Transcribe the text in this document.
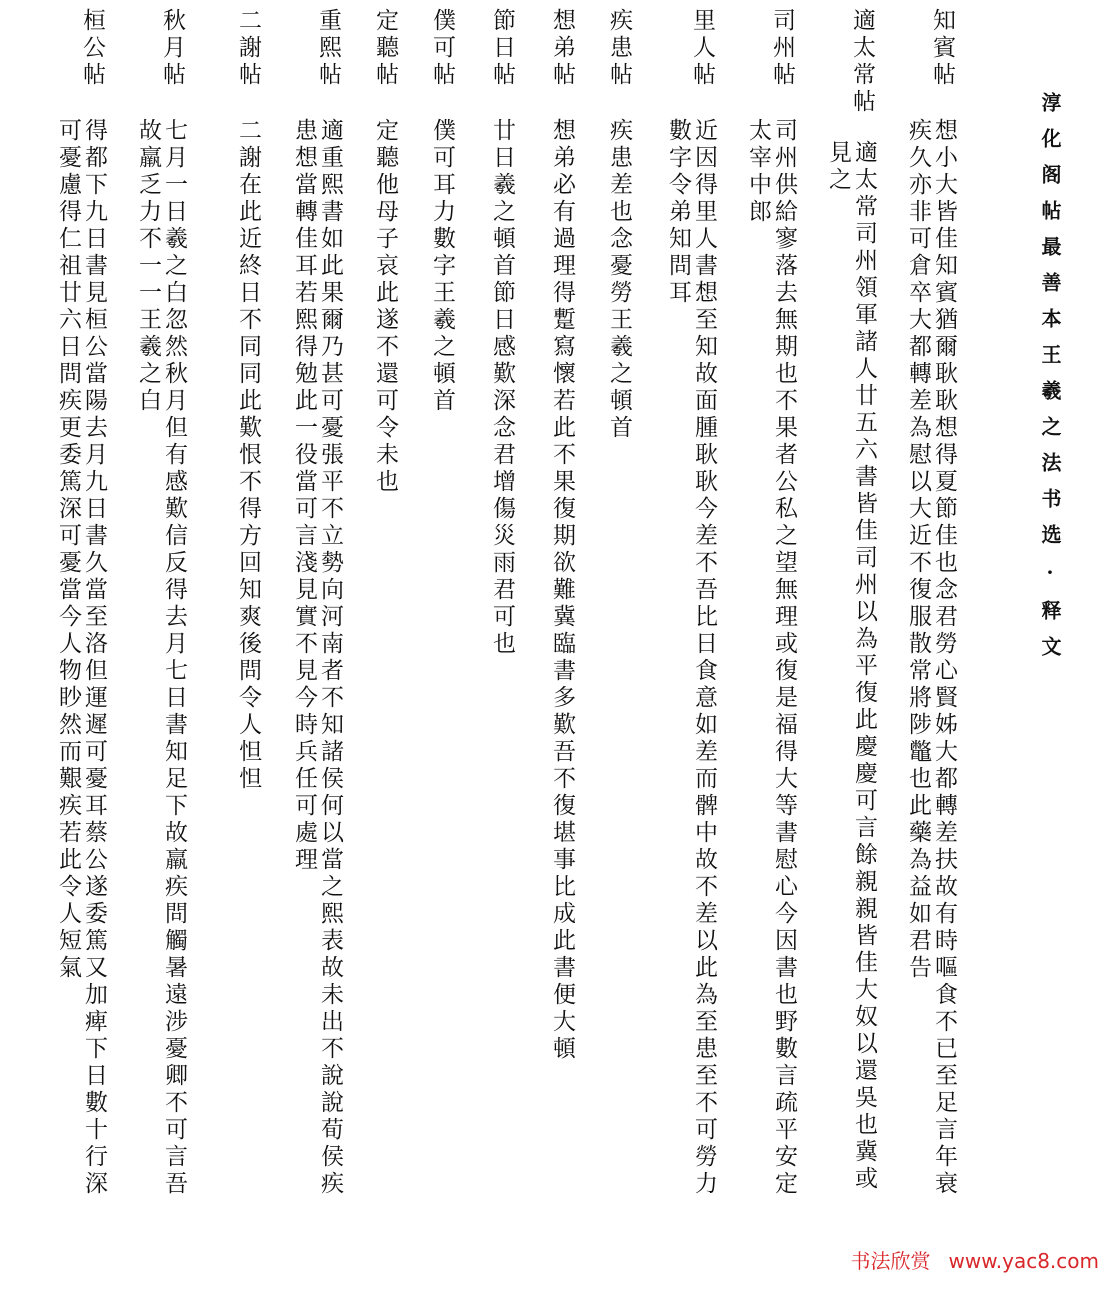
淳化阁帖最善本王羲之法书选·释文
知賓帖
想小大皆佳知賓猶爾耿耿想得夏節佳也念君勞心賢姊大都轉差扶故有時嘔食不已至足言年衰
疾久亦非可倉卒大都轉差為慰以大近不復服散常將陟鼈也此藥為益如君告
適太常帖
適太常司州領軍諸人廿五六書皆佳司州以為平復此慶慶可言餘親親皆佳大奴以還吳也冀或
見之
司州帖
司州供給寥落去無期也不果者公私之望無理或復是福得大等書慰心今因書也野數言疏平安定
太宰中郎
里人帖
近因得里人書想至知故面腫耿耿今差不吾比日食意如差而髀中故不差以此為至患至不可勞力
數字令弟知問耳
疾患帖
疾患差也念憂勞王羲之頓首
想弟帖
想弟必有過理得蹔寫懷若此不果復期欲難冀臨書多歎吾不復堪事比成此書便大頓
節日帖
廿日羲之頓首節日感歎深念君增傷災雨君可也
僕可帖
僕可耳力數字王羲之頓首
定聽帖
定聽他母子哀此遂不還可令未也
重熙帖
適重熙書如此果爾乃甚可憂張平不立勢向河南者不知諸侯何以當之熙表故未出不說說荀侯疾
患想當轉佳耳若熙得勉此一役當可言淺見實不見今時兵任可處理
二謝帖
二謝在此近終日不同同此歎恨不得方回知爽後問令人怛怛
秋月帖
七月一日羲之白忽然秋月但有感歎信反得去月七日書知足下故羸疾問觸暑遠涉憂卿不可言吾
故羸乏力不一一王羲之白
桓公帖
得都下九日書見桓公當陽去月九日書久當至洛但運遲可憂耳蔡公遂委篤又加痺下日數十行深
可憂慮得仁祖廿六日問疾更委篤深可憂當今人物眇然而艱疾若此令人短氣
书法欣赏 www.yac8.com
